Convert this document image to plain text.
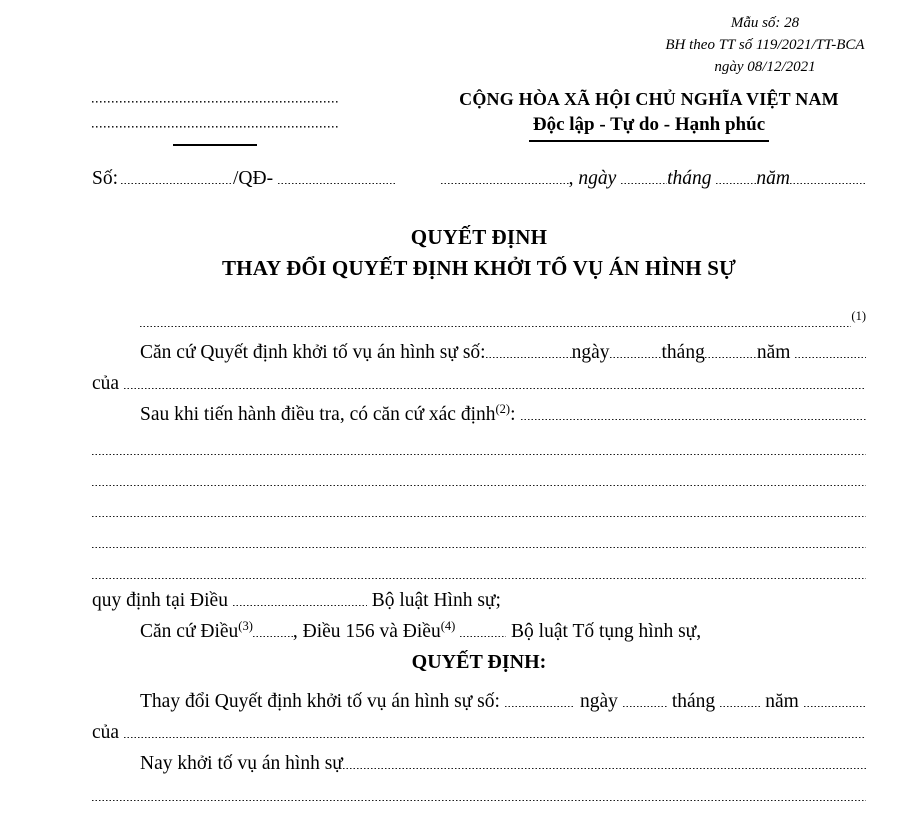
Mẫu số: 28
BH theo TT số 119/2021/TT-BCA
ngày 08/12/2021
CỘNG HÒA XÃ HỘI CHỦ NGHĨA VIỆT NAM
Độc lập - Tự do - Hạnh phúc
Số:	/QĐ-	, ngày	tháng năm
QUYẾT ĐỊNH
THAY ĐỔI QUYẾT ĐỊNH KHỞI TỐ VỤ ÁN HÌNH SỰ
​ (1)
​ Căn cứ Quyết định khởi tố vụ án hình sự số:	ngày	tháng	năm
​ của
​ Sau khi tiến hành điều tra, có căn cứ xác định (2) :
quy định tại Điều	Bộ luật Hình sự;
Căn cứ Điều$^{(3)}$ , Điều 156 và Điều$^{(4)}$	Bộ luật Tố tụng hình sự,
QUYẾT ĐỊNH:
​ Thay đổi Quyết định khởi tố vụ án hình sự số:	ngày	tháng	năm
​ của
​ Nay khởi tố vụ án hình sự
